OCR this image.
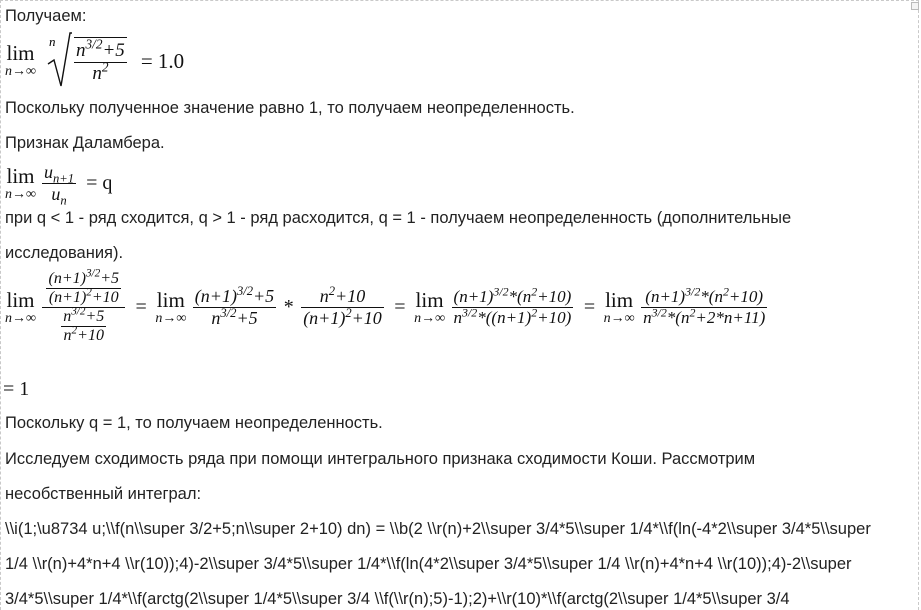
Получаем:
lim
n→∞

n
$\frac{n^{3/2}+5}{n^2} = 1.0$
Поскольку полученное значение равно 1, то получаем неопределенность.
Признак Даламбера.
lim
n→∞
$\frac{u_{n+1}}{u_n} = q$
при q < 1 - ряд сходится, q > 1 - ряд расходится, q = 1 - получаем неопределенность (дополнительные
исследования).
lim
n→∞
$\frac{\frac{(n+1)^{3/2}+5}{(n+1)^2+10}}{\frac{n^{3/2}+5}{n^2+10}} = \lim$
n→∞
$\frac{(n+1)^{3/2}+5}{n^{3/2}+5} * \frac{n^2+10}{(n+1)^2+10} = \lim$
n→∞
$\frac{(n+1)^{3/2}*(n^2+10)}{n^{3/2}*((n+1)^2+10)} = \lim$
n→∞
$\frac{(n+1)^{3/2}*(n^2+10)}{n^{3/2}*(n^2+2*n+11)}$
= 1
Поскольку q = 1, то получаем неопределенность.
Исследуем сходимость ряда при помощи интегрального признака сходимости Коши. Рассмотрим
несобственный интеграл:
\\i(1;\u8734 u;\\f(n\\super 3/2+5;n\\super 2+10) dn) = \\b(2 \\r(n)+2\\super 3/4*5\\super 1/4*\\f(ln(-4*2\\super 3/4*5\\super
1/4 \\r(n)+4*n+4 \\r(10));4)-2\\super 3/4*5\\super 1/4*\\f(ln(4*2\\super 3/4*5\\super 1/4 \\r(n)+4*n+4 \\r(10));4)-2\\super
3/4*5\\super 1/4*\\f(arctg(2\\super 1/4*5\\super 3/4 \\f(\\r(n);5)-1);2)+\\r(10)*\\f(arctg(2\\super 1/4*5\\super 3/4
